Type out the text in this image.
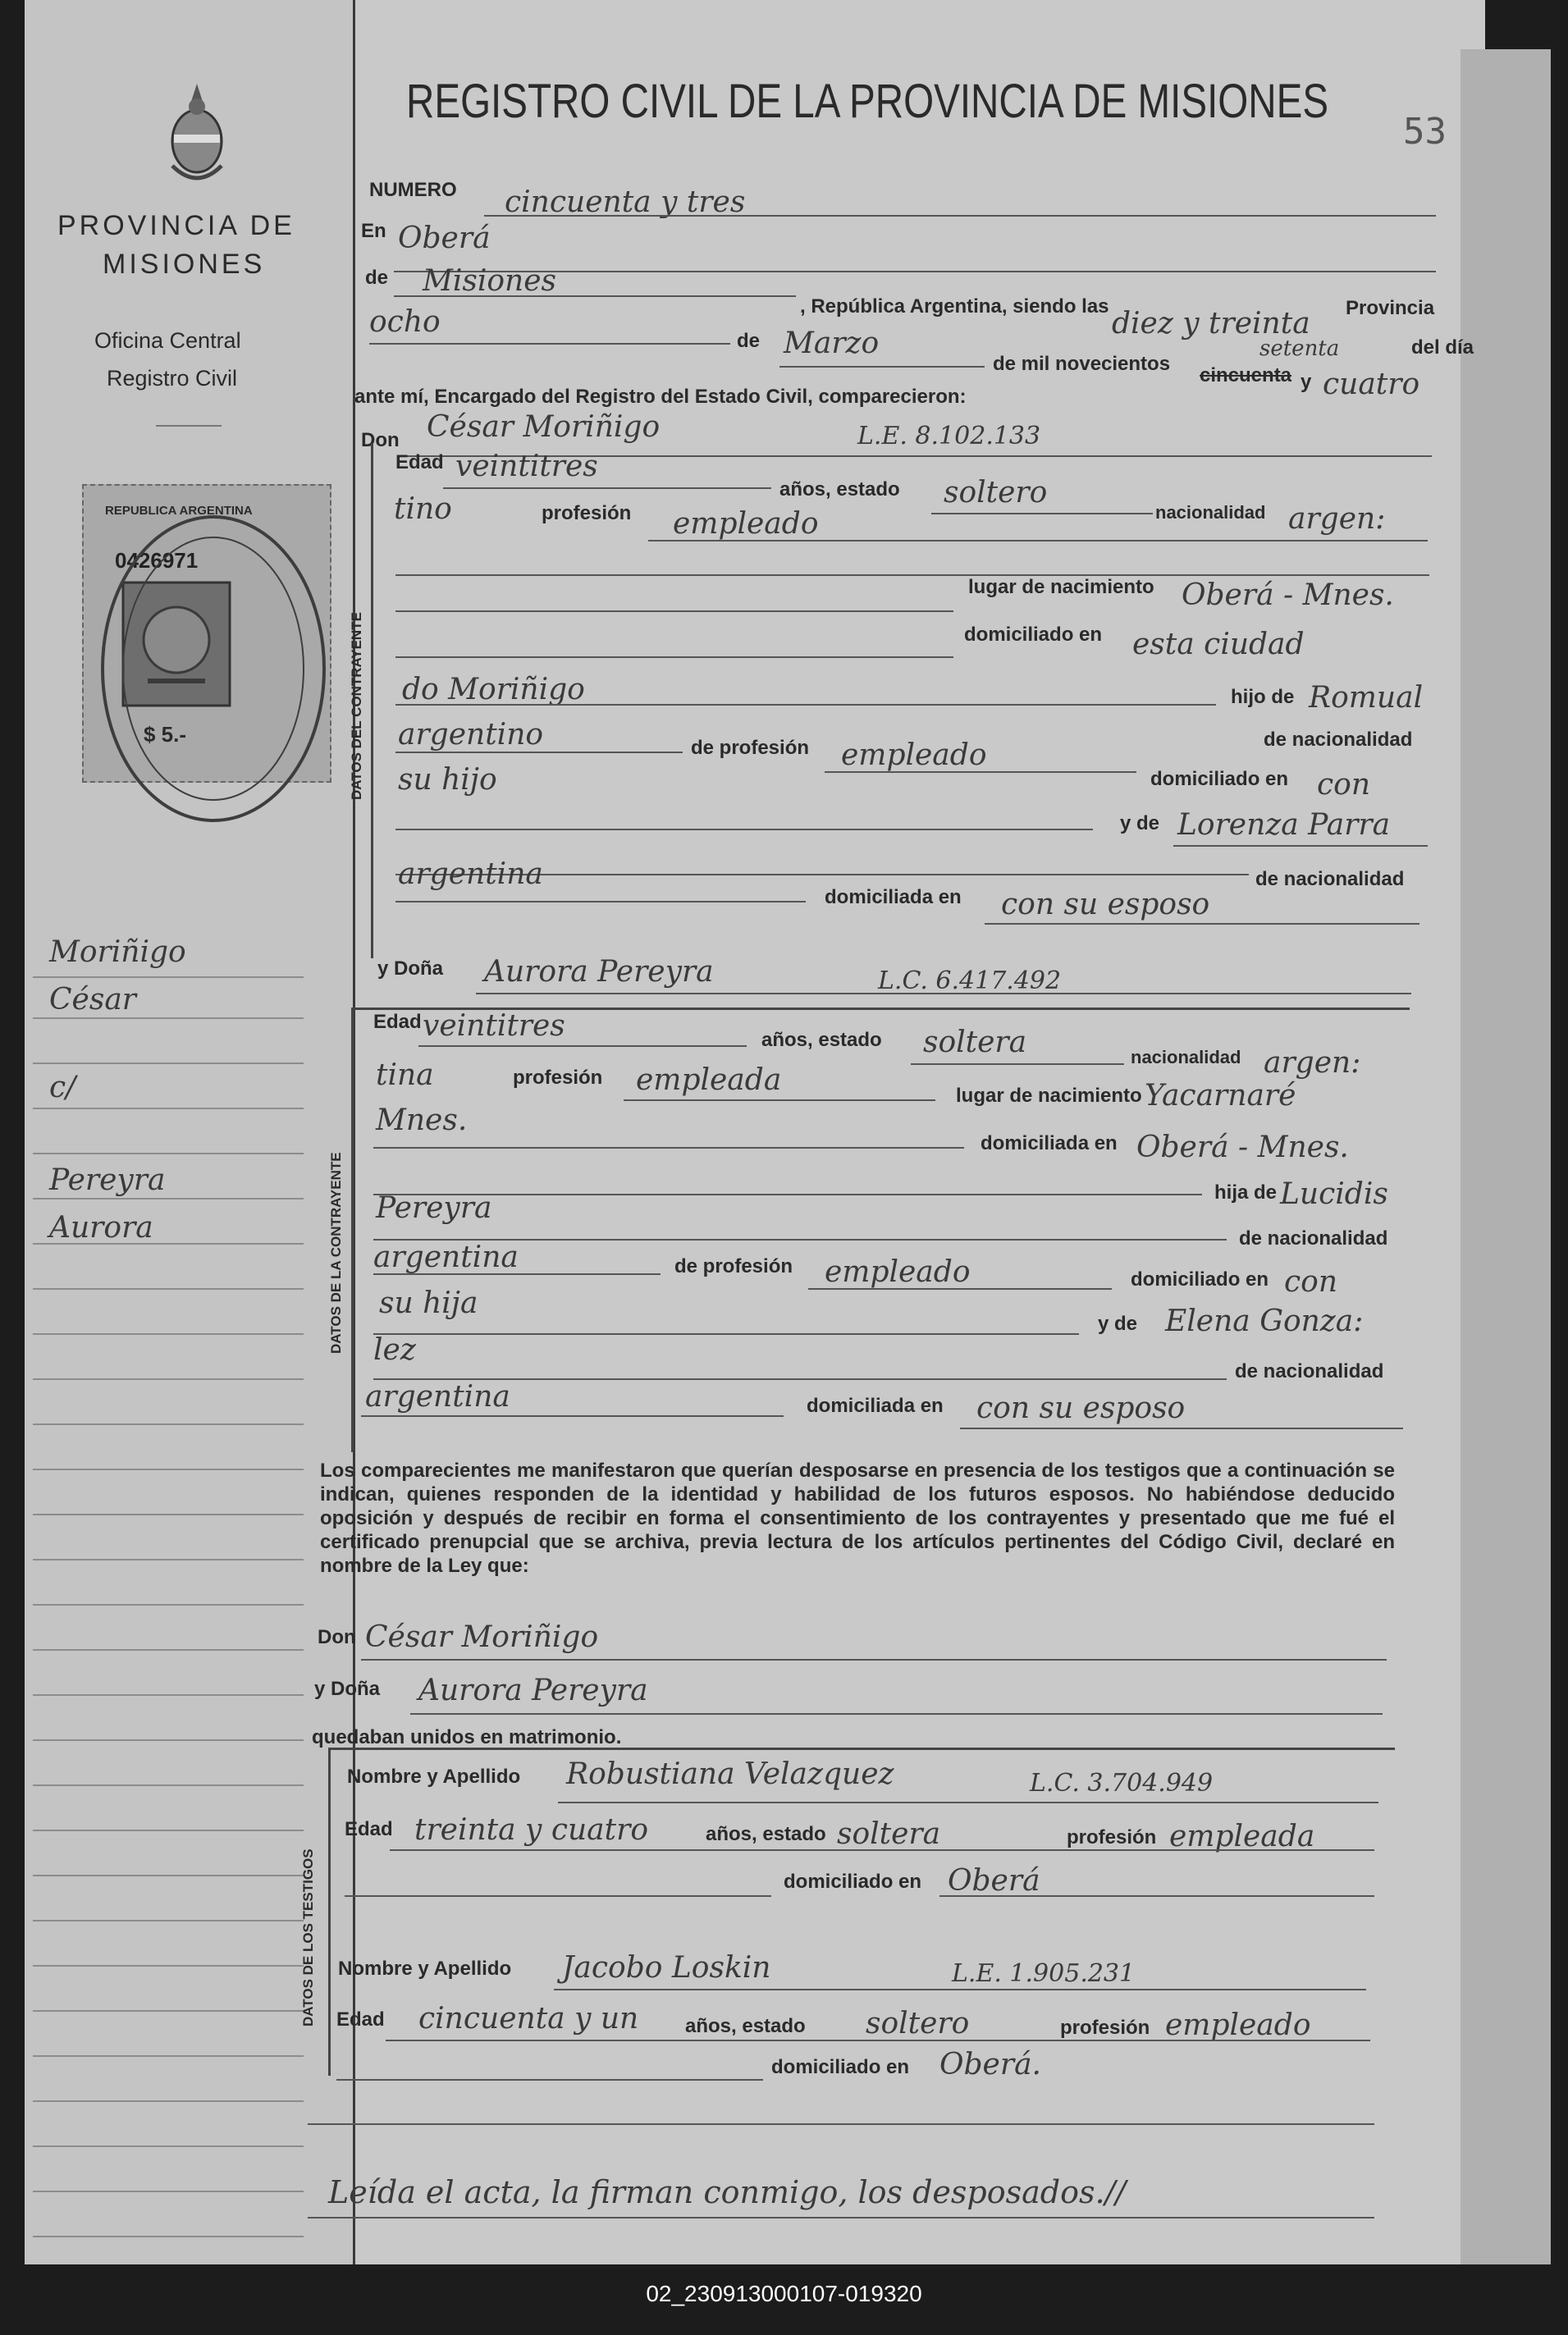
PROVINCIA DE
MISIONES
Oficina Central
Registro Civil
REPUBLICA ARGENTINA
0426971
$ 5.-
Moriñigo
César
c/
Pereyra
Aurora
REGISTRO CIVIL DE LA PROVINCIA DE MISIONES
53
NUMERO cincuenta y tres
En Oberá
de Misiones
, República Argentina, siendo las	Provincia
diez y treinta
del día
ocho
de Marzo
de mil novecientos
cincuenta
setenta
y cuatro
ante mí, Encargado del Registro del Estado Civil, comparecieron:
Don César Moriñigo	L.E. 8.102.133
DATOS DEL CONTRAYENTE
Edad veintitres
años, estado soltero
nacionalidad argen:
tino	profesión empleado
lugar de nacimiento Oberá - Mnes.
domiciliado en esta ciudad
do Moriñigo	hijo de Romual
argentino	de profesión empleado	de nacionalidad
domiciliado en con
su hijo
y de Lorenza Parra
de nacionalidad
argentina
domiciliada en con su esposo
y Doña Aurora Pereyra	L.C. 6.417.492
DATOS DE LA CONTRAYENTE
Edad veintitres	años, estado soltera	nacionalidad argen:
tina	profesión empleada	lugar de nacimiento Yacarnaré
Mnes.
domiciliada en Oberá - Mnes.
hija de Lucidis
Pereyra
de nacionalidad
argentina	de profesión empleado	domiciliado en con
su hija
y de Elena Gonza:
lez
de nacionalidad
argentina	domiciliada en con su esposo
Los comparecientes me manifestaron que querían desposarse en presencia de los testigos que a continuación se indican, quienes responden de la identidad y habilidad de los futuros esposos. No habiéndose deducido oposición y después de recibir en forma el consentimiento de los contrayentes y presentado que me fué el certificado prenupcial que se archiva, previa lectura de los artículos pertinentes del Código Civil, declaré en nombre de la Ley que:
Don César Moriñigo
y Doña Aurora Pereyra
quedaban unidos en matrimonio.
DATOS DE LOS TESTIGOS
Nombre y Apellido Robustiana Velazquez	L.C. 3.704.949
Edad treinta y cuatro	años, estado soltera	profesión empleada
domiciliado en Oberá
Nombre y Apellido Jacobo Loskin	L.E. 1.905.231
Edad cincuenta y un años, estado soltero	profesión empleado
domiciliado en Oberá.
Leída el acta, la firman conmigo, los desposados.//
02_230913000107-019320
